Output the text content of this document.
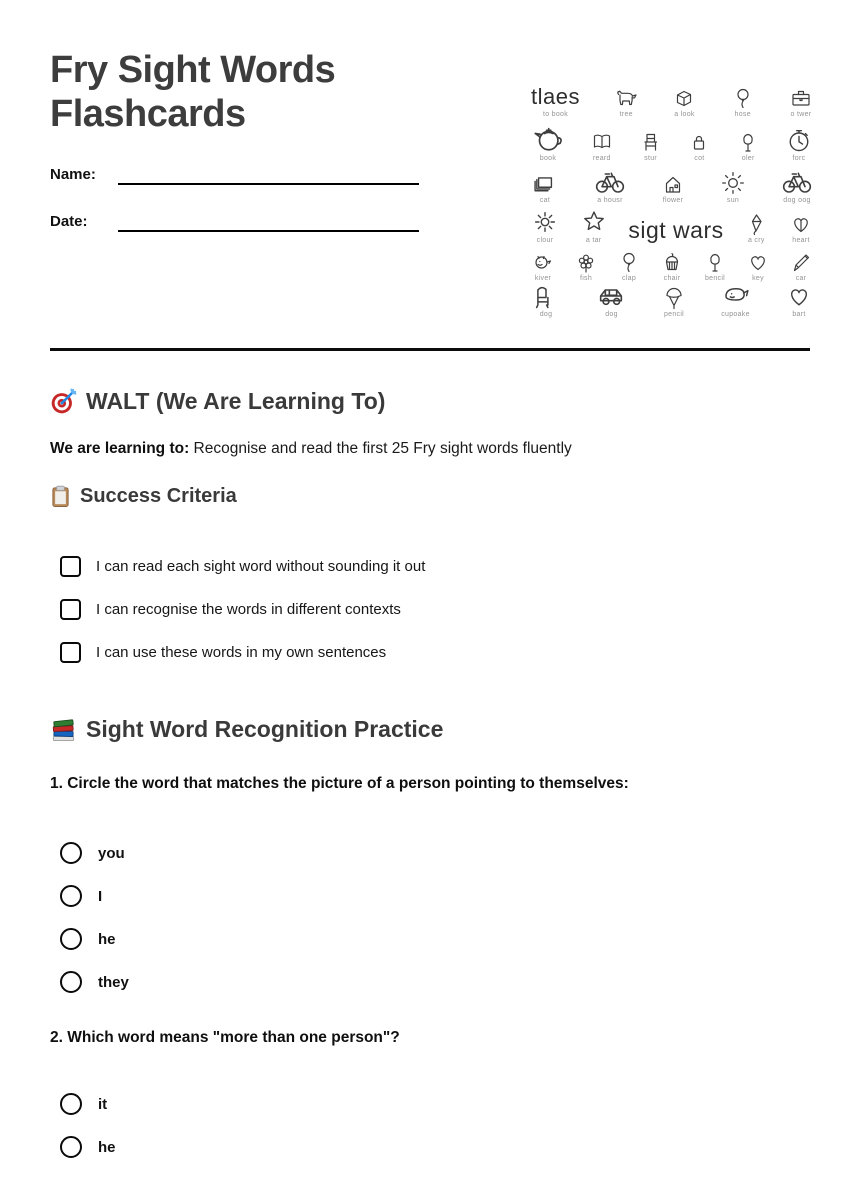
Fry Sight Words
Flashcards
Name:
Date:
tlaes
to book	tree	a look	hose	o twer
book	reard	stur	cot	oler	forc
cat	a housr	flower	sun	dog oog
clour	a tar sigt wars	a cry	heart
kiver	fish	clap	chair	bencil	key	car
dog	dog	pencil	cupoake	bart
WALT (We Are Learning To)
We are learning to: Recognise and read the first 25 Fry sight words fluently
Success Criteria
I can read each sight word without sounding it out
I can recognise the words in different contexts
I can use these words in my own sentences
Sight Word Recognition Practice
1. Circle the word that matches the picture of a person pointing to themselves:
you
I
he
they
2. Which word means "more than one person"?
it
he
